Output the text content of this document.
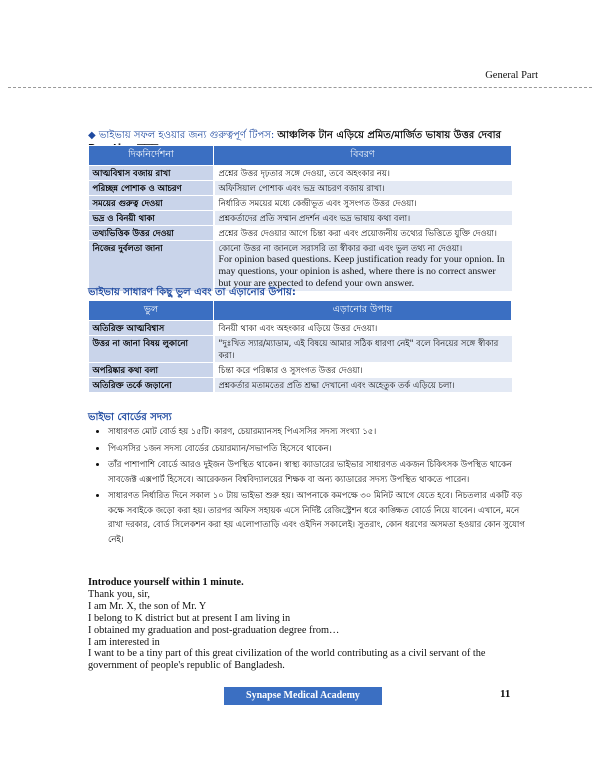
General Part
◆ ভাইভায় সফল হওয়ার জন্য গুরুত্বপূর্ণ টিপস: আঞ্চলিক টান এড়িয়ে প্রমিত/মার্জিত ভাষায় উত্তর দেবার
দিকনির্দেশনা	বিবরণ
আত্মবিশ্বাস বজায় রাখা	প্রশ্নের উত্তর দৃঢ়তার সঙ্গে দেওয়া, তবে অহংকার নয়।
পরিচ্ছন্ন পোশাক ও আচরণ	অফিসিয়াল পোশাক এবং ভদ্র আচরণ বজায় রাখা।
সময়ের গুরুত্ব দেওয়া	নির্ধারিত সময়ের মধ্যে কেন্দ্রীভূত এবং সুসংগত উত্তর দেওয়া।
ভদ্র ও বিনয়ী থাকা	প্রশ্নকর্তাদের প্রতি সম্মান প্রদর্শন এবং ভদ্র ভাষায় কথা বলা।
তথ্যভিত্তিক উত্তর দেওয়া	প্রশ্নের উত্তর দেওয়ার আগে চিন্তা করা এবং প্রয়োজনীয় তথ্যের ভিত্তিতে যুক্তি দেওয়া।
নিজের দুর্বলতা জানা	কোনো উত্তর না জানলে সরাসরি তা স্বীকার করা এবং ভুল তথ্য না দেওয়া।
For opinion based questions. Keep justification ready for your opnion. In may questions, your opinion is ashed, where there is no correct answer but your are expected to defend your own answer.
ভাইভায় সাধারণ কিছু ভুল এবং তা এড়ানোর উপায়:
ভুল	এড়ানোর উপায়
অতিরিক্ত আত্মবিশ্বাস	বিনয়ী থাকা এবং অহংকার এড়িয়ে উত্তর দেওয়া।
উত্তর না জানা বিষয় লুকানো	"দুঃখিত স্যার/ম্যাডাম, এই বিষয়ে আমার সঠিক ধারণা নেই" বলে বিনয়ের সঙ্গে স্বীকার করা।
অপরিষ্কার কথা বলা	চিন্তা করে পরিষ্কার ও সুসংগত উত্তর দেওয়া।
অতিরিক্ত তর্কে জড়ানো	প্রশ্নকর্তার মতামতের প্রতি শ্রদ্ধা দেখানো এবং অহেতুক তর্ক এড়িয়ে চলা।
ভাইভা বোর্ডের সদস্য
• সাধারণত মোট বোর্ড হয় ১৫টি। কারণ, চেয়ারম্যানসহ পিএসসির সদস্য সংখ্যা ১৫।
• পিএসসির ১জন সদস্য বোর্ডের চেয়ারম্যান/সভাপতি হিসেবে থাকেন।
• তাঁর পাশাপাশি বোর্ডে আরও দুইজন উপস্থিত থাকেন। স্বাস্থ্য ক্যাডারের ভাইভার সাধারণত একজন চিকিৎসক উপস্থিত থাকেন সাবজেক্ট এক্সপার্ট হিসেবে। আরেকজন বিশ্ববিদ্যালয়ের শিক্ষক বা অন্য ক্যাডারের সদস্য উপস্থিত থাকতে পারেন।
• সাধারণত নির্ধারিত দিনে সকাল ১০ টায় ভাইভা শুরু হয়। আপনাকে কমপক্ষে ৩০ মিনিট আগে যেতে হবে। নিচতলার একটি বড় কক্ষে সবাইকে জড়ো করা হয়। তারপর অফিস সহায়ক এসে নির্দিষ্ট রেজিস্ট্রেশন ধরে কাঙ্ক্ষিত বোর্ডে নিয়ে যাবেন। এখানে, মনে রাখা দরকার, বোর্ড সিলেকশন করা হয় এলোপাতাড়ি এবং ওইদিন সকালেই। সুতরাং, কোন ধরণের অসমতা হওয়ার কোন সুযোগ নেই।
Introduce yourself within 1 minute.
Thank you, sir,
I am Mr. X, the son of Mr. Y
I belong to K district but at present I am living in
I obtained my graduation and post-graduation degree from…
I am interested in
I want to be a tiny part of this great civilization of the world contributing as a civil servant of the government of people's republic of Bangladesh.
Synapse Medical Academy	11
